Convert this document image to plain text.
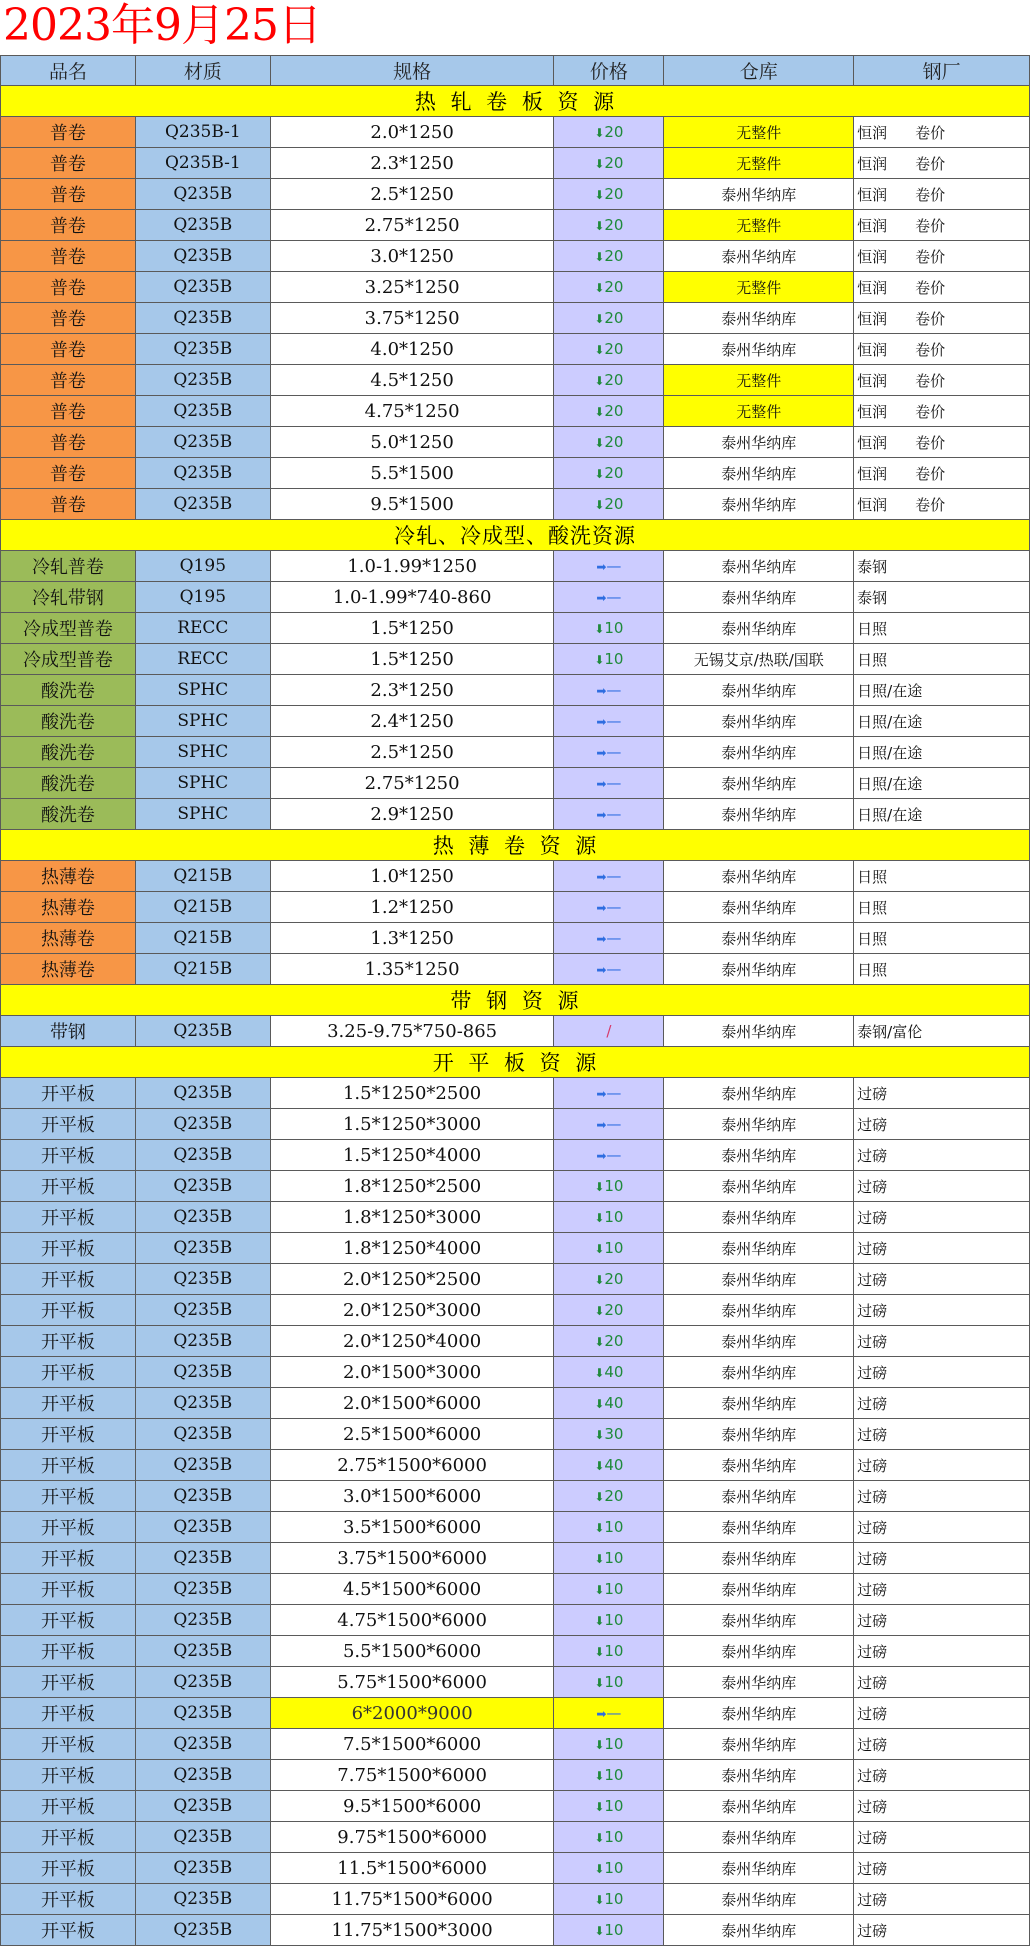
2023年9月25日
品名	材质	规格	价格	仓库	钢厂
热 轧 卷 板 资 源					
普卷	Q235B-1	2.0*1250	⬇20	无整件	恒润 卷价
普卷	Q235B-1	2.3*1250	⬇20	无整件	恒润 卷价
普卷	Q235B	2.5*1250	⬇20	泰州华纳库	恒润 卷价
普卷	Q235B	2.75*1250	⬇20	无整件	恒润 卷价
普卷	Q235B	3.0*1250	⬇20	泰州华纳库	恒润 卷价
普卷	Q235B	3.25*1250	⬇20	无整件	恒润 卷价
普卷	Q235B	3.75*1250	⬇20	泰州华纳库	恒润 卷价
普卷	Q235B	4.0*1250	⬇20	泰州华纳库	恒润 卷价
普卷	Q235B	4.5*1250	⬇20	无整件	恒润 卷价
普卷	Q235B	4.75*1250	⬇20	无整件	恒润 卷价
普卷	Q235B	5.0*1250	⬇20	泰州华纳库	恒润 卷价
普卷	Q235B	5.5*1500	⬇20	泰州华纳库	恒润 卷价
普卷	Q235B	9.5*1500	⬇20	泰州华纳库	恒润 卷价
冷轧、冷成型、酸洗资源					
冷轧普卷	Q195	1.0-1.99*1250	➡—	泰州华纳库	泰钢
冷轧带钢	Q195	1.0-1.99*740-860	➡—	泰州华纳库	泰钢
冷成型普卷	RECC	1.5*1250	⬇10	泰州华纳库	日照
冷成型普卷	RECC	1.5*1250	⬇10	无锡艾京/热联/国联	日照
酸洗卷	SPHC	2.3*1250	➡—	泰州华纳库	日照/在途
酸洗卷	SPHC	2.4*1250	➡—	泰州华纳库	日照/在途
酸洗卷	SPHC	2.5*1250	➡—	泰州华纳库	日照/在途
酸洗卷	SPHC	2.75*1250	➡—	泰州华纳库	日照/在途
酸洗卷	SPHC	2.9*1250	➡—	泰州华纳库	日照/在途
热 薄 卷 资 源					
热薄卷	Q215B	1.0*1250	➡—	泰州华纳库	日照
热薄卷	Q215B	1.2*1250	➡—	泰州华纳库	日照
热薄卷	Q215B	1.3*1250	➡—	泰州华纳库	日照
热薄卷	Q215B	1.35*1250	➡—	泰州华纳库	日照
带 钢 资 源					
带钢	Q235B	3.25-9.75*750-865	/	泰州华纳库	泰钢/富伦
开 平 板 资 源					
开平板	Q235B	1.5*1250*2500	➡—	泰州华纳库	过磅
开平板	Q235B	1.5*1250*3000	➡—	泰州华纳库	过磅
开平板	Q235B	1.5*1250*4000	➡—	泰州华纳库	过磅
开平板	Q235B	1.8*1250*2500	⬇10	泰州华纳库	过磅
开平板	Q235B	1.8*1250*3000	⬇10	泰州华纳库	过磅
开平板	Q235B	1.8*1250*4000	⬇10	泰州华纳库	过磅
开平板	Q235B	2.0*1250*2500	⬇20	泰州华纳库	过磅
开平板	Q235B	2.0*1250*3000	⬇20	泰州华纳库	过磅
开平板	Q235B	2.0*1250*4000	⬇20	泰州华纳库	过磅
开平板	Q235B	2.0*1500*3000	⬇40	泰州华纳库	过磅
开平板	Q235B	2.0*1500*6000	⬇40	泰州华纳库	过磅
开平板	Q235B	2.5*1500*6000	⬇30	泰州华纳库	过磅
开平板	Q235B	2.75*1500*6000	⬇40	泰州华纳库	过磅
开平板	Q235B	3.0*1500*6000	⬇20	泰州华纳库	过磅
开平板	Q235B	3.5*1500*6000	⬇10	泰州华纳库	过磅
开平板	Q235B	3.75*1500*6000	⬇10	泰州华纳库	过磅
开平板	Q235B	4.5*1500*6000	⬇10	泰州华纳库	过磅
开平板	Q235B	4.75*1500*6000	⬇10	泰州华纳库	过磅
开平板	Q235B	5.5*1500*6000	⬇10	泰州华纳库	过磅
开平板	Q235B	5.75*1500*6000	⬇10	泰州华纳库	过磅
开平板	Q235B	6*2000*9000	➡—	泰州华纳库	过磅
开平板	Q235B	7.5*1500*6000	⬇10	泰州华纳库	过磅
开平板	Q235B	7.75*1500*6000	⬇10	泰州华纳库	过磅
开平板	Q235B	9.5*1500*6000	⬇10	泰州华纳库	过磅
开平板	Q235B	9.75*1500*6000	⬇10	泰州华纳库	过磅
开平板	Q235B	11.5*1500*6000	⬇10	泰州华纳库	过磅
开平板	Q235B	11.75*1500*6000	⬇10	泰州华纳库	过磅
开平板	Q235B	11.75*1500*3000	⬇10	泰州华纳库	过磅
